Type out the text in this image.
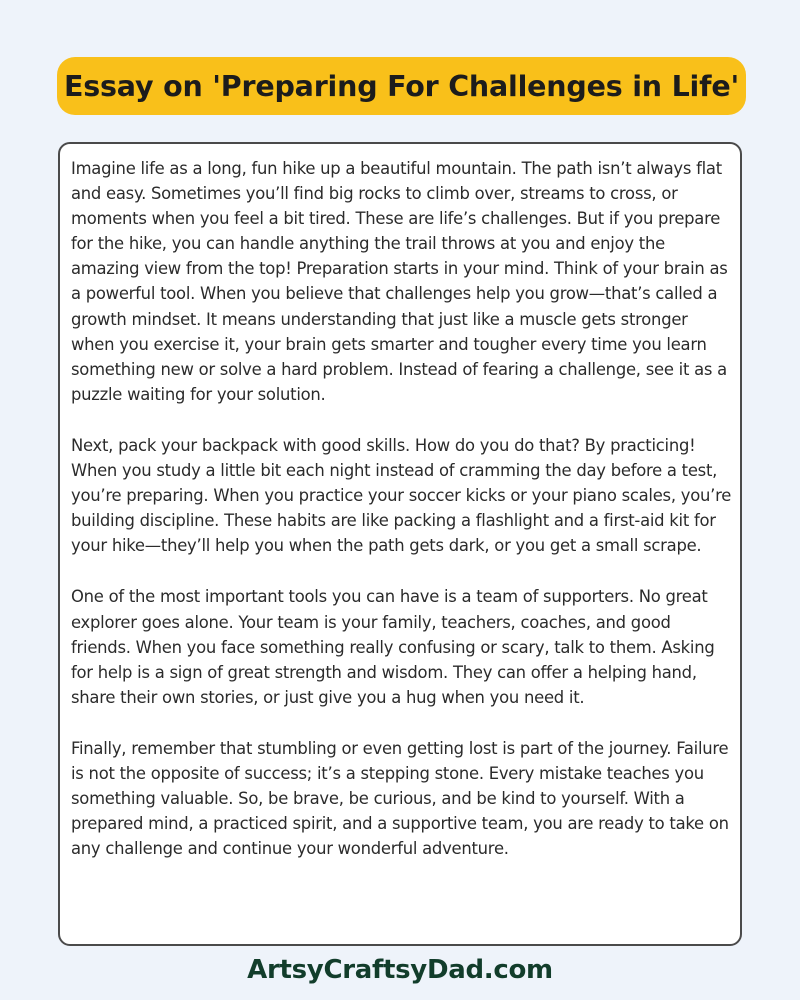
Essay on 'Preparing For Challenges in Life'

Imagine life as a long, fun hike up a beautiful mountain. The path isn’t always flat and easy. Sometimes you’ll find big rocks to climb over, streams to cross, or moments when you feel a bit tired. These are life’s challenges. But if you prepare for the hike, you can handle anything the trail throws at you and enjoy the amazing view from the top! Preparation starts in your mind. Think of your brain as a powerful tool. When you believe that challenges help you grow—that’s called a growth mindset. It means understanding that just like a muscle gets stronger when you exercise it, your brain gets smarter and tougher every time you learn something new or solve a hard problem. Instead of fearing a challenge, see it as a puzzle waiting for your solution.

Next, pack your backpack with good skills. How do you do that? By practicing! When you study a little bit each night instead of cramming the day before a test, you’re preparing. When you practice your soccer kicks or your piano scales, you’re building discipline. These habits are like packing a flashlight and a first-aid kit for your hike—they’ll help you when the path gets dark, or you get a small scrape.

One of the most important tools you can have is a team of supporters. No great explorer goes alone. Your team is your family, teachers, coaches, and good friends. When you face something really confusing or scary, talk to them. Asking for help is a sign of great strength and wisdom. They can offer a helping hand, share their own stories, or just give you a hug when you need it.

Finally, remember that stumbling or even getting lost is part of the journey. Failure is not the opposite of success; it’s a stepping stone. Every mistake teaches you something valuable. So, be brave, be curious, and be kind to yourself. With a prepared mind, a practiced spirit, and a supportive team, you are ready to take on any challenge and continue your wonderful adventure.

ArtsyCraftsyDad.com
